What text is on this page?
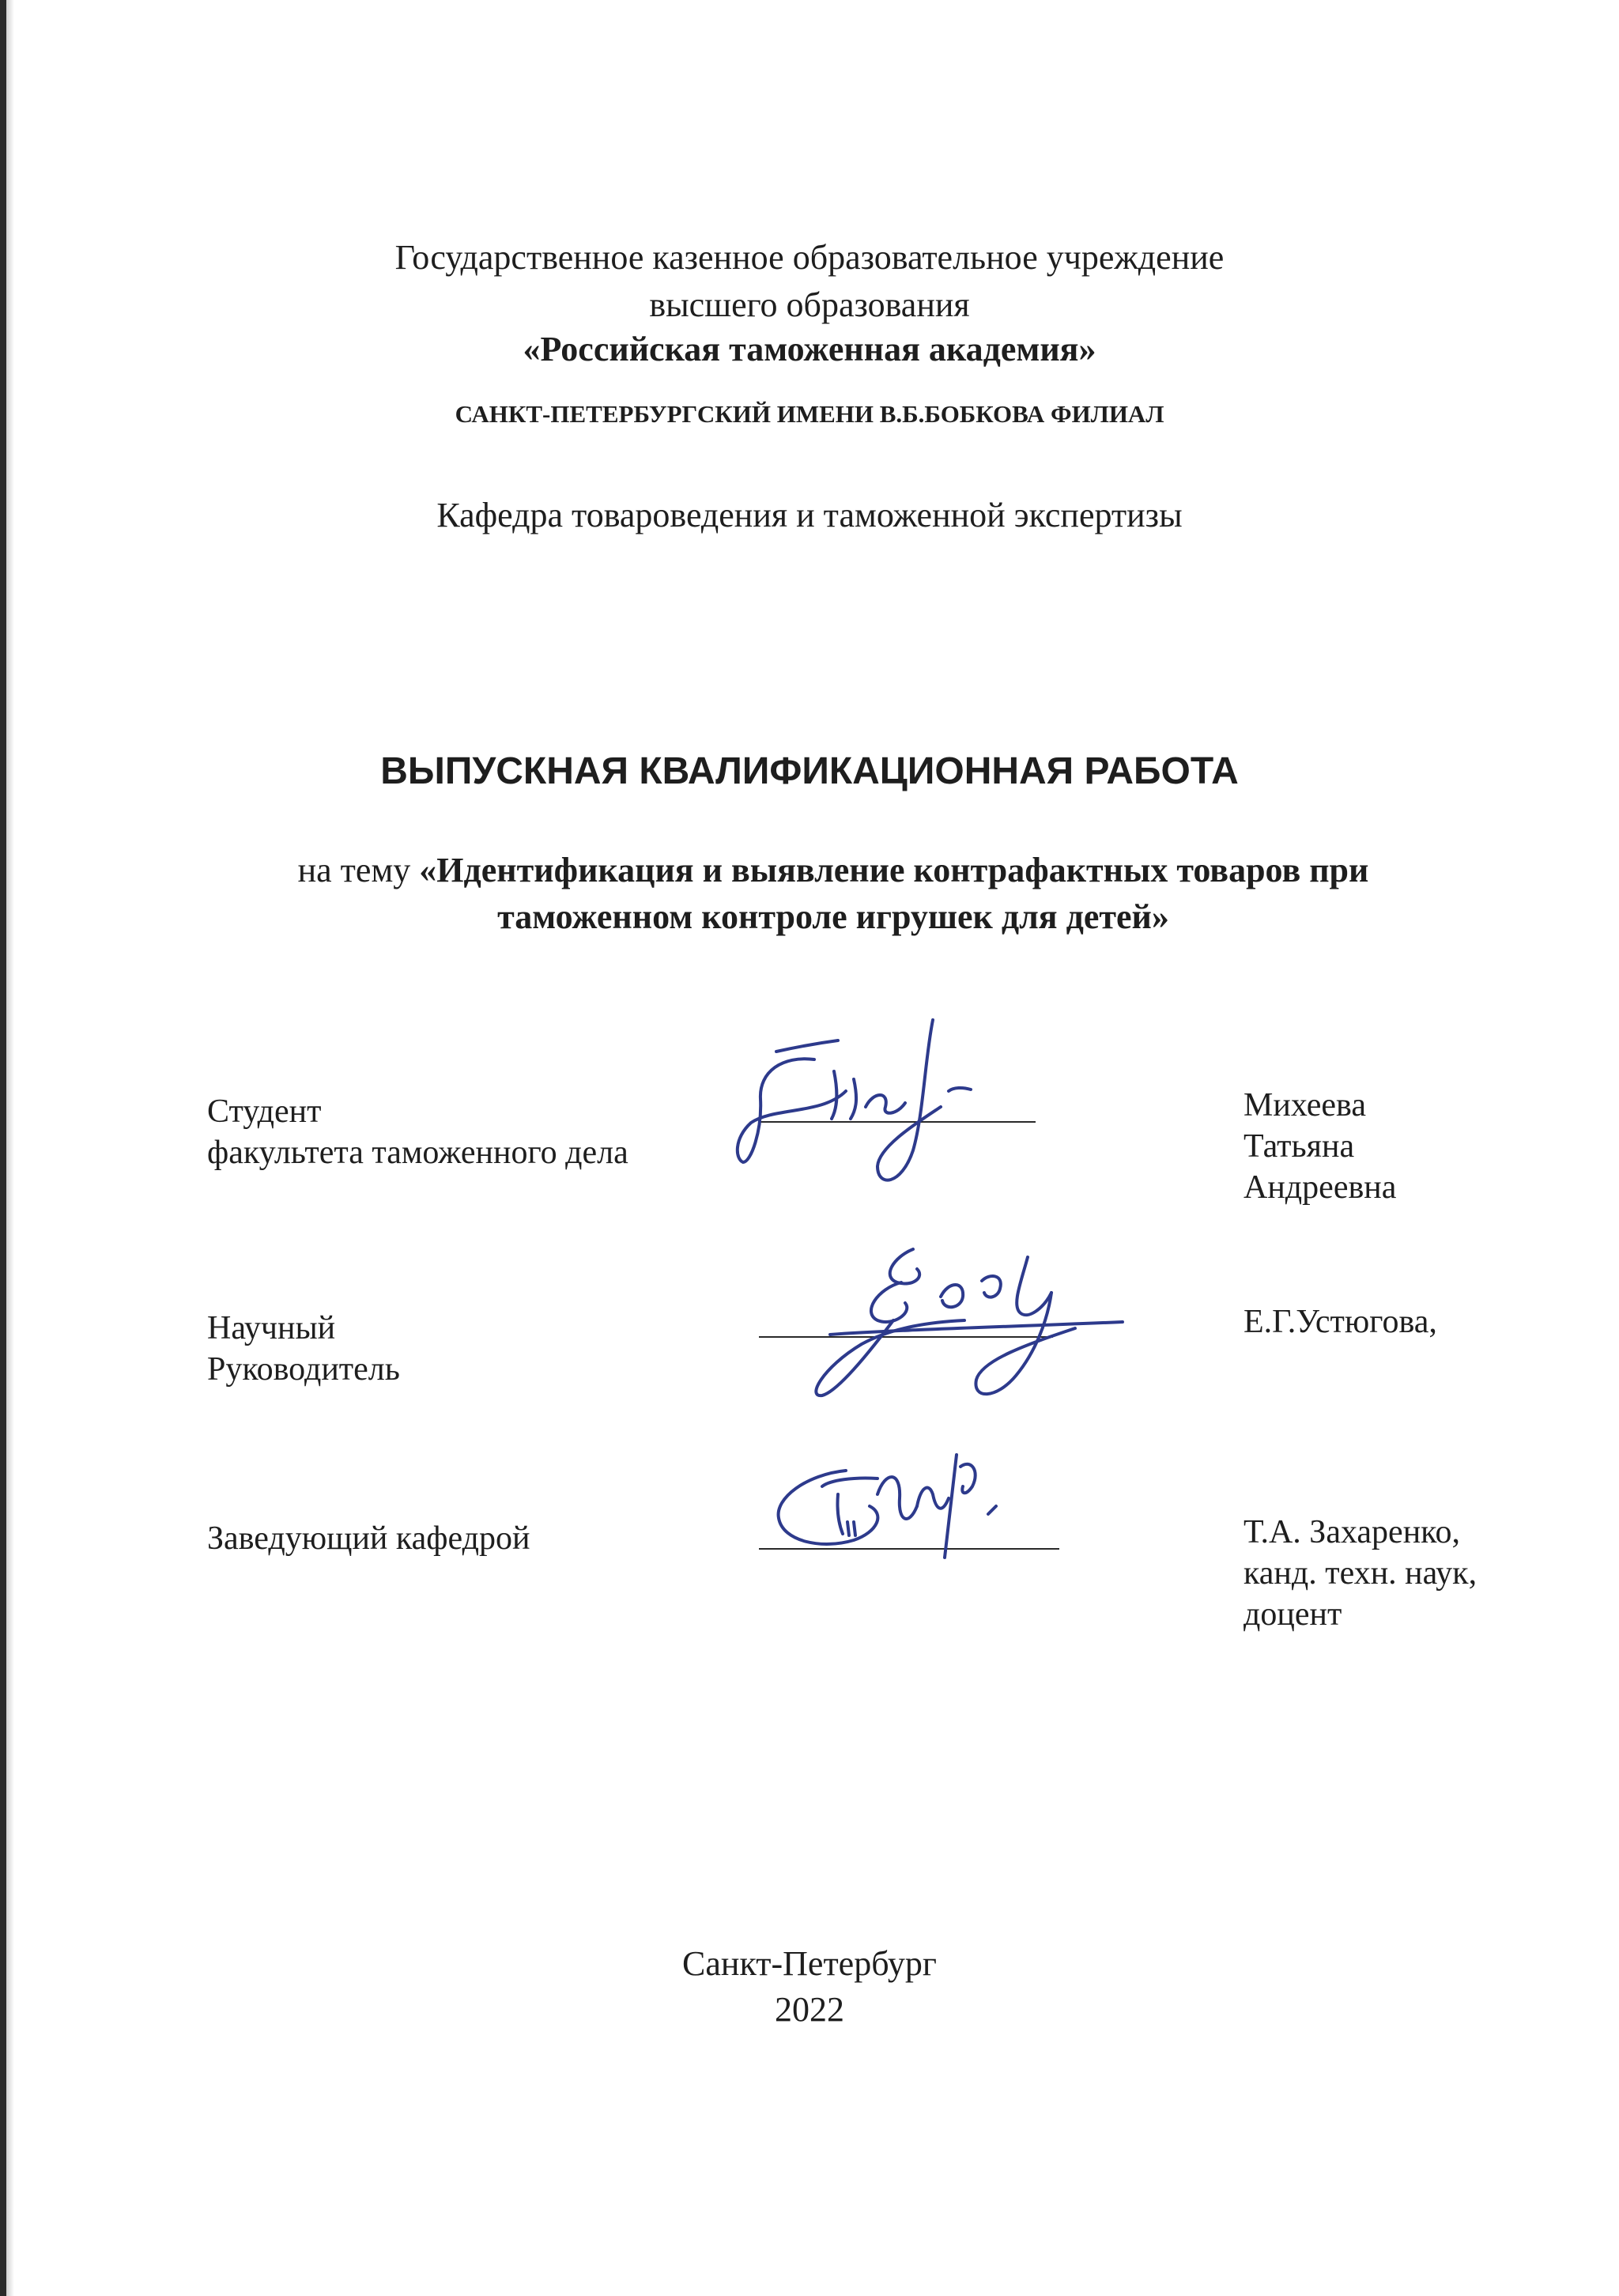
Государственное казенное образовательное учреждение
высшего образования
«Российская таможенная академия»
САНКТ-ПЕТЕРБУРГСКИЙ ИМЕНИ В.Б.БОБКОВА ФИЛИАЛ
Кафедра товароведения и таможенной экспертизы
ВЫПУСКНАЯ КВАЛИФИКАЦИОННАЯ РАБОТА
на тему «Идентификация и выявление контрафактных товаров при
таможенном контроле игрушек для детей»
Студент
факультета таможенного дела
Михеева
Татьяна
Андреевна
Научный
Руководитель
Е.Г.Устюгова,
Заведующий кафедрой	Т.А. Захаренко,
канд. техн. наук,
доцент
Санкт-Петербург
2022
